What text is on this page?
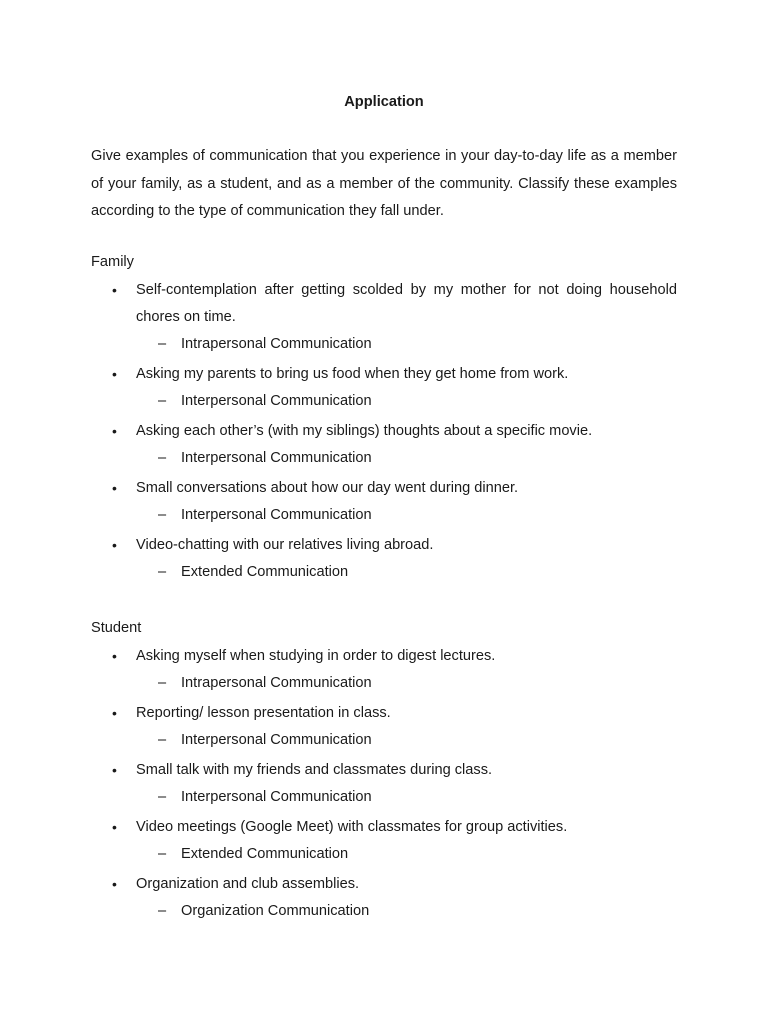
Application

Give examples of communication that you experience in your day-to-day life as a member of your family, as a student, and as a member of the community. Classify these examples according to the type of communication they fall under.

Family
• Self-contemplation after getting scolded by my mother for not doing household chores on time.
– Intrapersonal Communication
• Asking my parents to bring us food when they get home from work.
– Interpersonal Communication
• Asking each other’s (with my siblings) thoughts about a specific movie.
– Interpersonal Communication
• Small conversations about how our day went during dinner.
– Interpersonal Communication
• Video-chatting with our relatives living abroad.
– Extended Communication
Student
• Asking myself when studying in order to digest lectures.
– Intrapersonal Communication
• Reporting/ lesson presentation in class.
– Interpersonal Communication
• Small talk with my friends and classmates during class.
– Interpersonal Communication
• Video meetings (Google Meet) with classmates for group activities.
– Extended Communication
• Organization and club assemblies.
– Organization Communication
